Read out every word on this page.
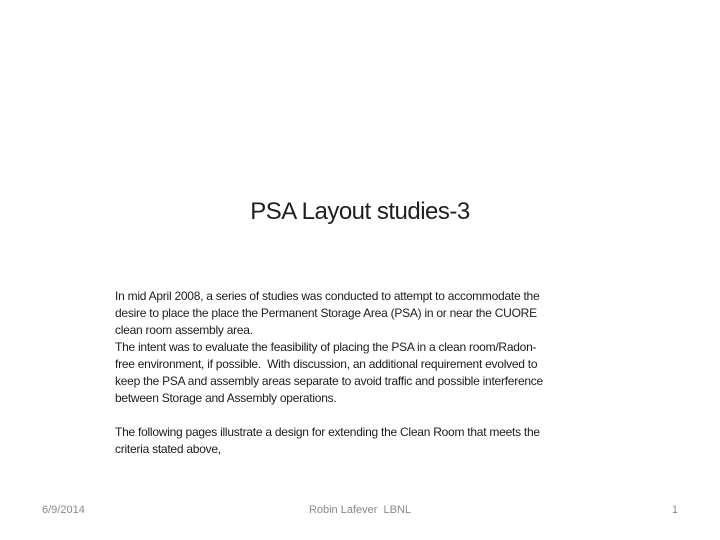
PSA Layout studies-3
In mid April 2008, a series of studies was conducted to attempt to accommodate the
desire to place the place the Permanent Storage Area (PSA) in or near the CUORE
clean room assembly area.
The intent was to evaluate the feasibility of placing the PSA in a clean room/Radon-
free environment, if possible.  With discussion, an additional requirement evolved to
keep the PSA and assembly areas separate to avoid traffic and possible interference
between Storage and Assembly operations.
The following pages illustrate a design for extending the Clean Room that meets the
criteria stated above,
6/9/2014	Robin Lafever  LBNL	1
